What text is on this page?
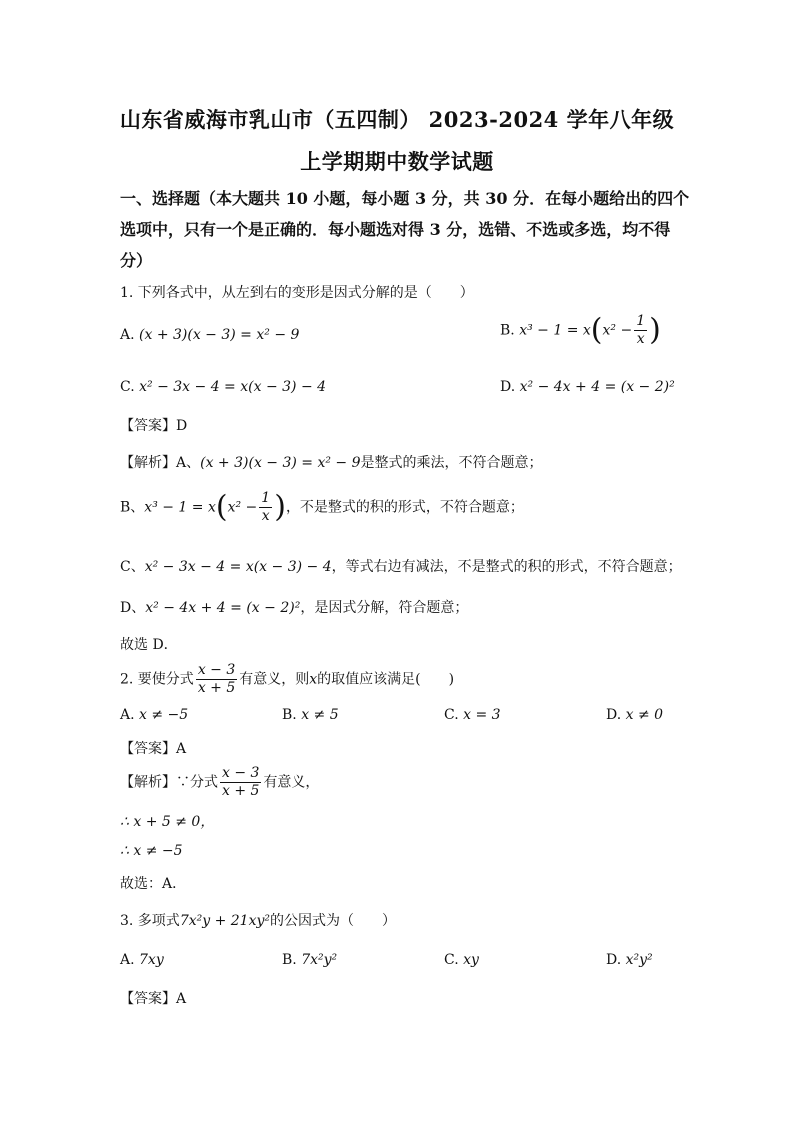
山东省威海市乳山市（五四制） 2023-2024 学年八年级
上学期期中数学试题
一、选择题（本大题共 10 小题，每小题 3 分，共 30 分．在每小题给出的四个
选项中，只有一个是正确的．每小题选对得 3 分，选错、不选或多选，均不得
分）
1. 下列各式中，从左到右的变形是因式分解的是（　　）
A. (x + 3)(x − 3) = x² − 9	B. $x^3 - 1 = x(x^2 - \frac{1}{x}$ )
C. x² − 3x − 4 = x(x − 3) − 4	D. x² − 4x + 4 = (x − 2)²
【答案】D
【解析】A、(x + 3)(x − 3) = x² − 9是整式的乘法，不符合题意；
B、$x^3 - 1 = x(x^2 - \frac{1}{x}$ )，不是整式的积的形式，不符合题意；
C、x² − 3x − 4 = x(x − 3) − 4，等式右边有减法，不是整式的积的形式，不符合题意；
D、x² − 4x + 4 = (x − 2)²，是因式分解，符合题意；
故选 D．
2. 要使分式 $\frac{x - 3}{x + 5}$ 有意义，则x的取值应该满足(　　)
A. x ≠ −5	B. x ≠ 5	C. x = 3	D. x ≠ 0
【答案】A
【解析】∵分式 $\frac{x - 3}{x + 5}$ 有意义，
∴ x + 5 ≠ 0，
∴ x ≠ −5
故选：A．
3. 多项式7x²y + 21xy²的公因式为（　　）
A. 7xy	B. 7x²y²	C. xy	D. x²y²
【答案】A
